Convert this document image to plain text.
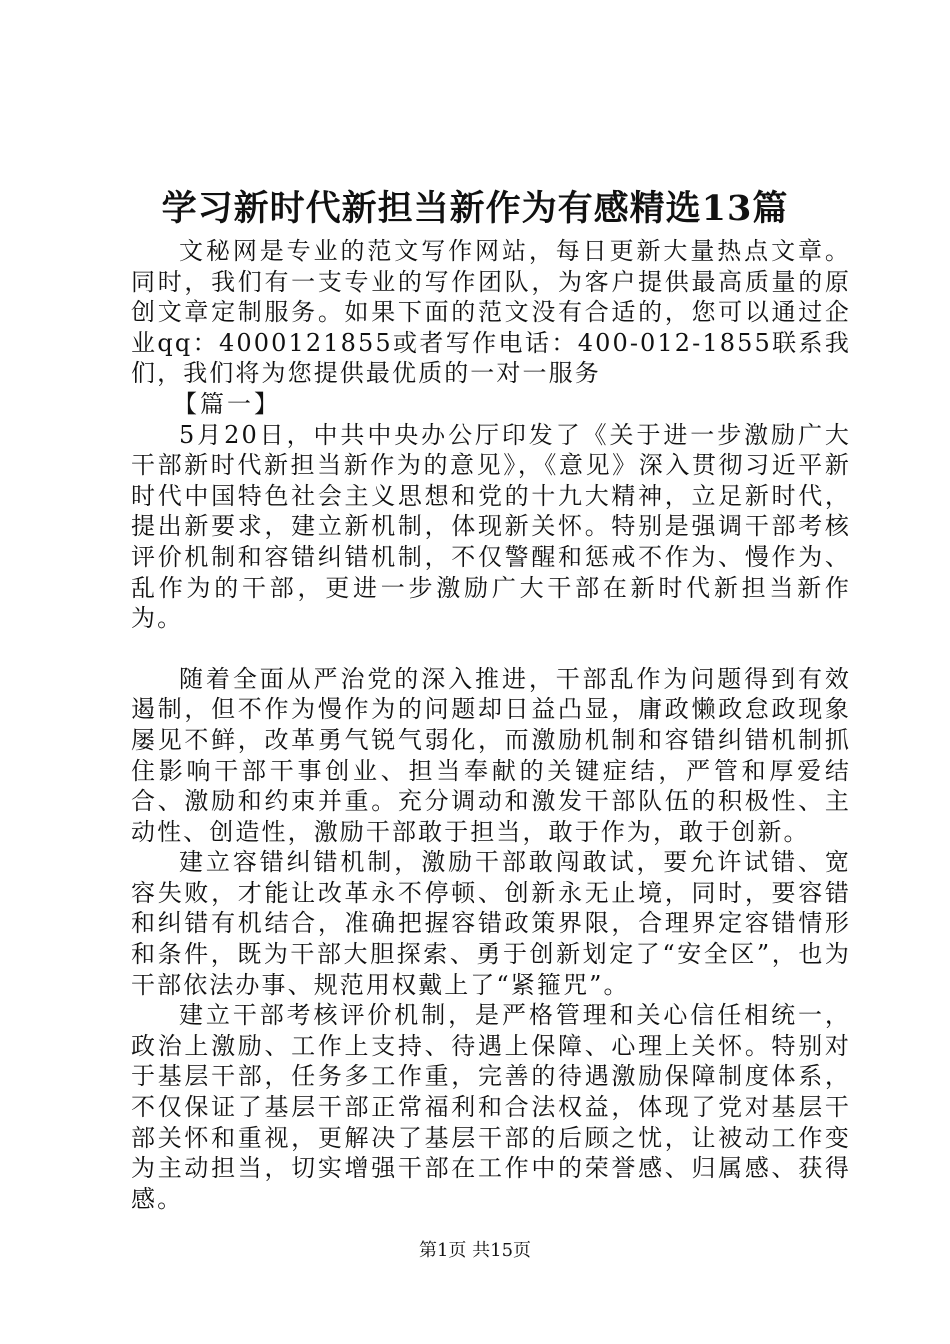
学习新时代新担当新作为有感精选13篇

文秘网是专业的范文写作网站，每日更新大量热点文章。同时，我们有一支专业的写作团队，为客户提供最高质量的原创文章定制服务。如果下面的范文没有合适的，您可以通过企业qq：4000121855或者写作电话：400-012-1855联系我们，我们将为您提供最优质的一对一服务

【篇一】

5月20日，中共中央办公厅印发了《关于进一步激励广大干部新时代新担当新作为的意见》，《意见》深入贯彻习近平新时代中国特色社会主义思想和党的十九大精神，立足新时代，提出新要求，建立新机制，体现新关怀。特别是强调干部考核评价机制和容错纠错机制，不仅警醒和惩戒不作为、慢作为、乱作为的干部，更进一步激励广大干部在新时代新担当新作为。

随着全面从严治党的深入推进，干部乱作为问题得到有效遏制，但不作为慢作为的问题却日益凸显，庸政懒政怠政现象屡见不鲜，改革勇气锐气弱化，而激励机制和容错纠错机制抓住影响干部干事创业、担当奉献的关键症结，严管和厚爱结合、激励和约束并重。充分调动和激发干部队伍的积极性、主动性、创造性，激励干部敢于担当，敢于作为，敢于创新。

建立容错纠错机制，激励干部敢闯敢试，要允许试错、宽容失败，才能让改革永不停顿、创新永无止境，同时，要容错和纠错有机结合，准确把握容错政策界限，合理界定容错情形和条件，既为干部大胆探索、勇于创新划定了“安全区”，也为干部依法办事、规范用权戴上了“紧箍咒”。

建立干部考核评价机制，是严格管理和关心信任相统一，政治上激励、工作上支持、待遇上保障、心理上关怀。特别对于基层干部，任务多工作重，完善的待遇激励保障制度体系，不仅保证了基层干部正常福利和合法权益，体现了党对基层干部关怀和重视，更解决了基层干部的后顾之忧，让被动工作变为主动担当，切实增强干部在工作中的荣誉感、归属感、获得感。

第1页 共15页
